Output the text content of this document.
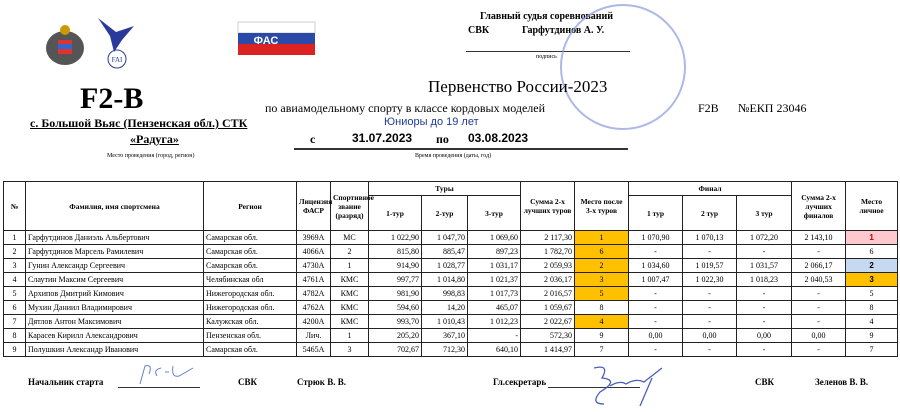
FAI
ФАС
Главный судья соревнований
СВК	Гарфутдинов А. У.
подпись
F2-B	Первенство России-2023
по авиамодельному спорту в классе кордовых моделей	F2B №ЕКП 23046
Юниоры до 19 лет
с. Большой Вьяс (Пензенская обл.) СТК
«Радуга»
Место проведения (город, регион)
с	31.07.2023 по 03.08.2023
Время проведения (даты, год)
№	Фамилия, имя спортсмена	Регион	Лицензия ФАСР	Спортивное звание (разряд)	Туры			Сумма 2-х лучших туров	Место после 3-х туров	Финал			Сумма 2-х лучших финалов	Место личное
					1-тур	2-тур	3-тур			1 тур	2 тур	3 тур		
1	Гарфутдинов Даниэль Альбертович	Самарская обл.	3969А	МС	1 022,90	1 047,70	1 069,60	2 117,30	1	1 070,90	1 070,13	1 072,20	2 143,10	1
2	Гарфутдинов Марсель Рамилевич	Самарская обл.	4066А	2	815,80	885,47	897,23	1 782,70	6	-	-	-	-	6
3	Гунин Александр Сергеевич	Самарская обл.	4730А	1	914,90	1 028,77	1 031,17	2 059,93	2	1 034,60	1 019,57	1 031,57	2 066,17	2
4	Слаутин Максим Сергеевич	Челябинская обл	4761А	КМС	997,77	1 014,80	1 021,37	2 036,17	3	1 007,47	1 022,30	1 018,23	2 040,53	3
5	Архипов Дмитрий Кимович	Нижегородская обл.	4782А	КМС	981,90	998,83	1 017,73	2 016,57	5	-	-	-	-	5
6	Мухин Даниил Владимирович	Нижегородская обл.	4762А	КМС	594,60	14,20	465,07	1 059,67	8	-	-	-	-	8
7	Дятлов Антон Максимович	Калужская обл.	4200А	КМС	993,70	1 010,43	1 012,23	2 022,67	4	-	-	-	-	4
8	Карасев Кирилл Александрович	Пензенская обл.	Лич.	1	205,20	367,10	-	572,30	9	0,00	0,00	0,00	0,00	9
9	Полушкин Александр Иванович	Самарская обл.	5465А	3	702,67	712,30	640,10	1 414,97	7	-	-	-	-	7
Начальник старта	СВК	Стрюк В. В.	Гл.секретарь	СВК	Зеленов В. В.
